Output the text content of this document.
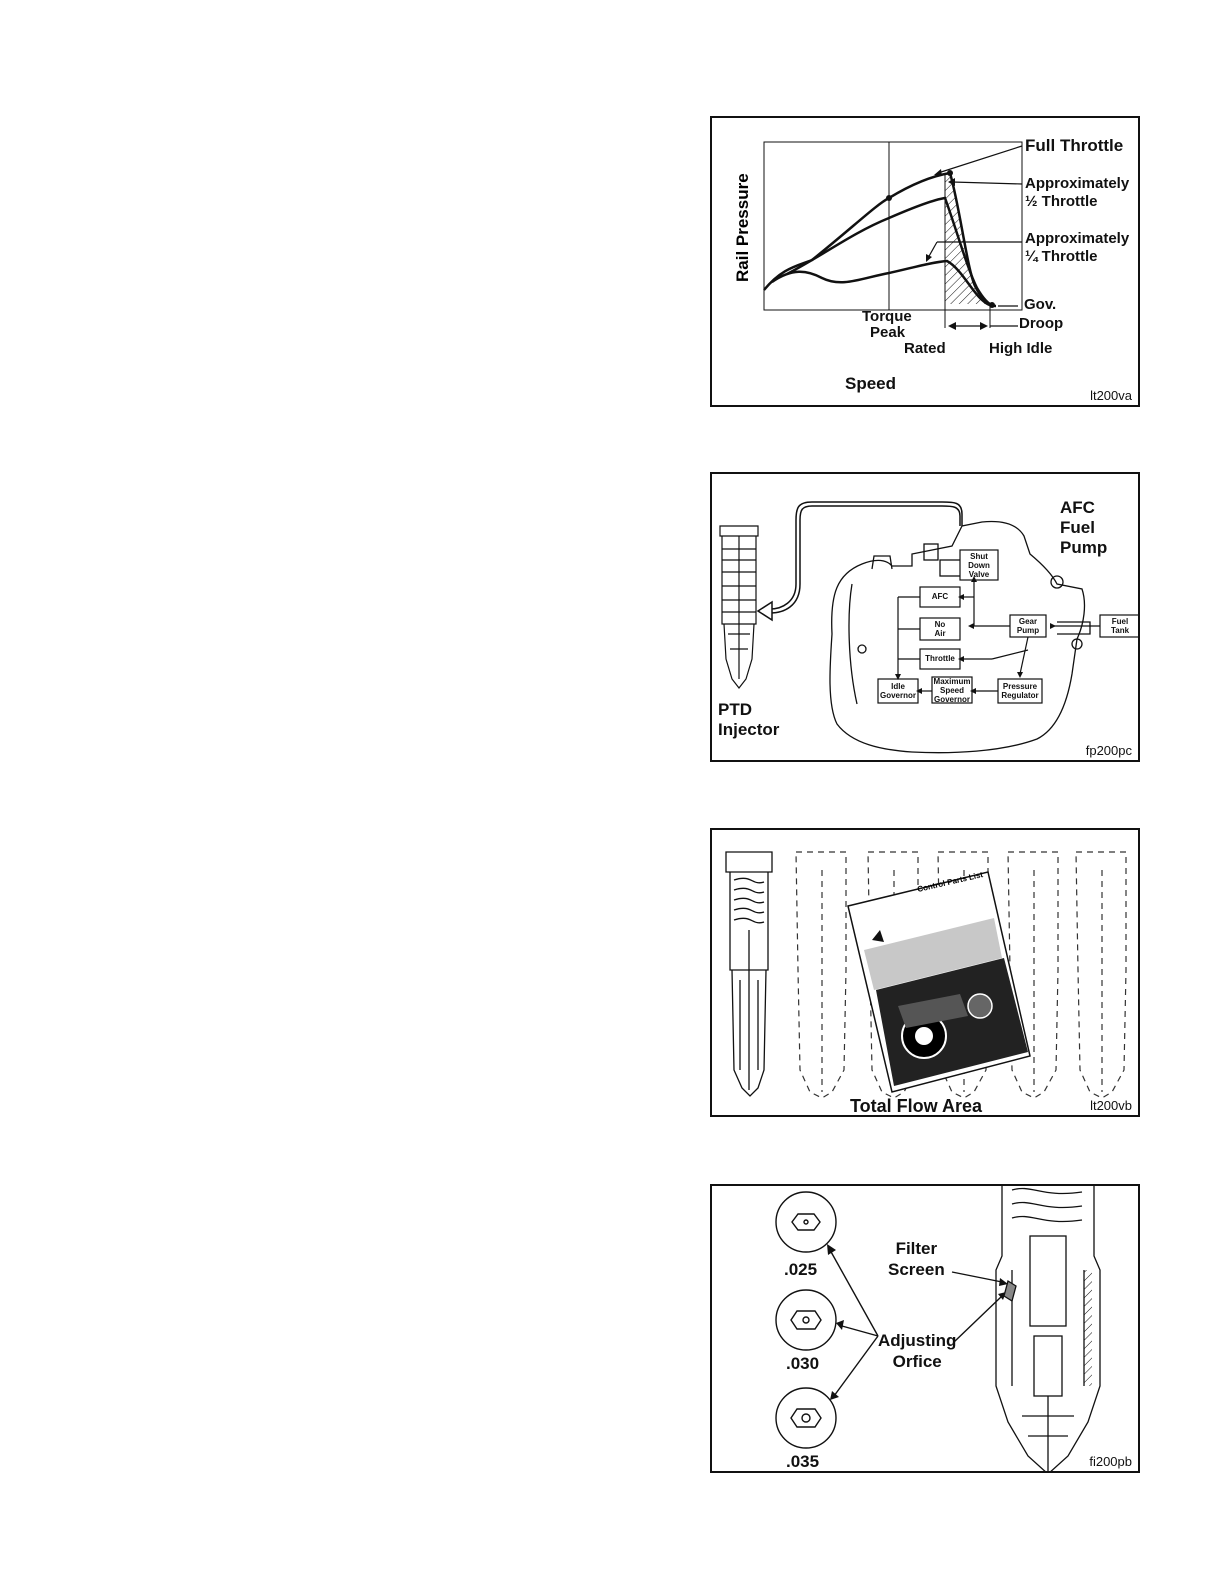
Rail Pressure
Full Throttle
Approximately
½ Throttle
Approximately
¼ Throttle
Torque
Peak
Rated
Gov.
Droop
High Idle
Speed
lt200va
AFC
Fuel
Pump
PTD
Injector
Shut
Down
Valve
AFC
No
Air
Throttle
Gear
Pump
Fuel
Tank
Idle
Governor
Maximum
Speed
Governor
Pressure
Regulator
fp200pc
Control Parts List
Total Flow Area	lt200vb
.025
.030
.035
Filter
Screen
Adjusting
Orfice
fi200pb
